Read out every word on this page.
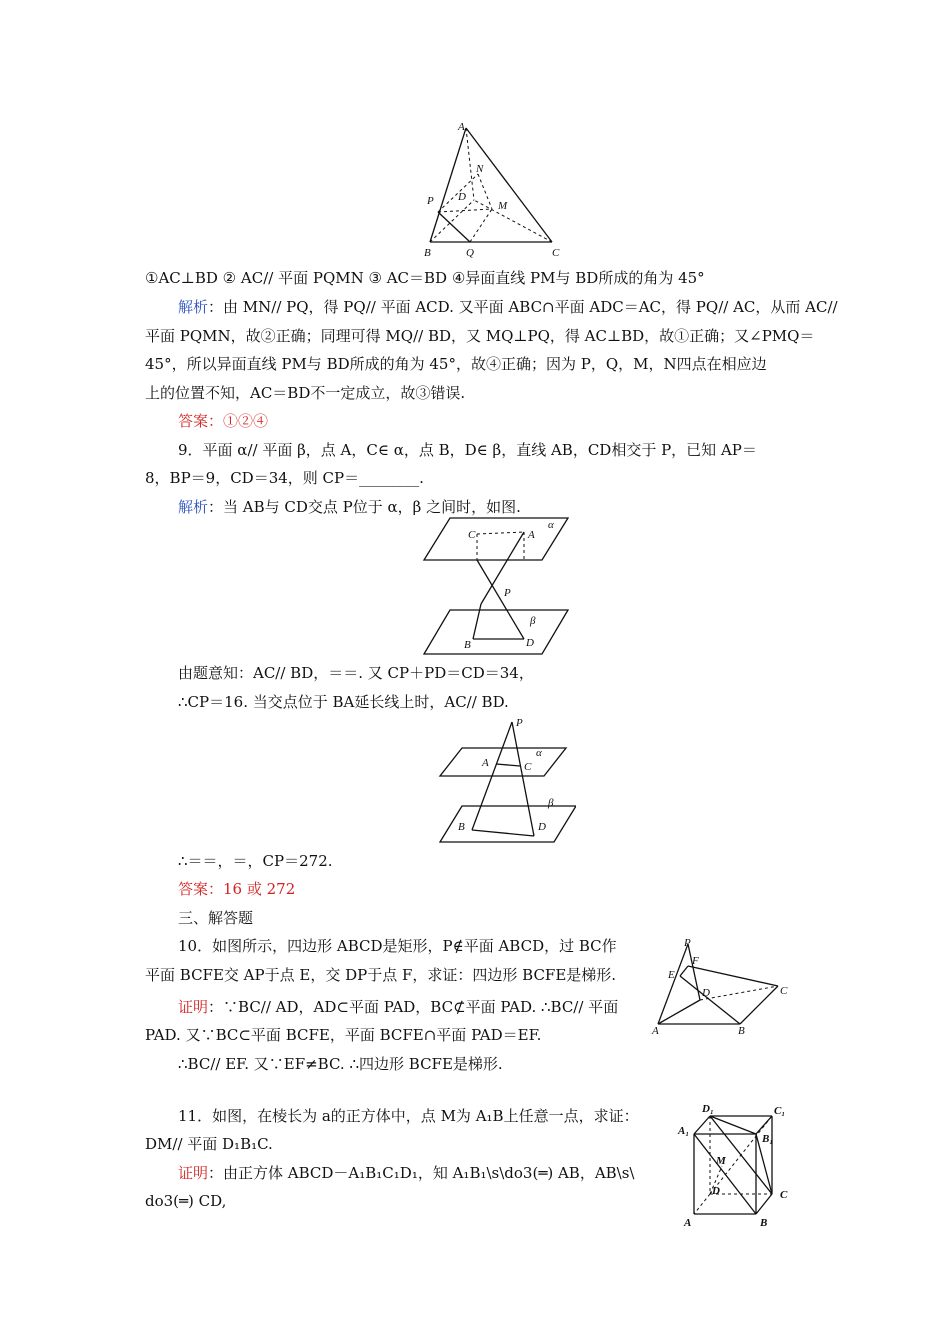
A
N
D
P	M
B	Q	C
①AC⊥BD ② AC// 平面 PQMN ③ AC＝BD ④异面直线 PM与 BD所成的角为 45°
解析：由 MN// PQ，得 PQ// 平面 ACD. 又平面 ABC∩平面 ADC＝AC，得 PQ// AC，从而 AC//
平面 PQMN，故②正确；同理可得 MQ// BD，又 MQ⊥PQ，得 AC⊥BD，故①正确；又∠PMQ＝
45°，所以异面直线 PM与 BD所成的角为 45°，故④正确；因为 P，Q，M，N四点在相应边
上的位置不知，AC＝BD不一定成立，故③错误.
答案：①②④
9．平面 α// 平面 β，点 A，C∈ α，点 B，D∈ β，直线 AB，CD相交于 P，已知 AP＝
8，BP＝9，CD＝34，则 CP＝________.
解析：当 AB与 CD交点 P位于 α，β 之间时，如图.
α
C	A
P
β
B	D
由题意知：AC// BD，＝＝. 又 CP＋PD＝CD＝34，
∴CP＝16. 当交点位于 BA延长线上时，AC// BD.
P
α
A	C
β
B	D
∴＝＝，＝，CP＝272.
答案：16 或 272
三、解答题
10．如图所示，四边形 ABCD是矩形，P∉平面 ABCD，过 BC作
平面 BCFE交 AP于点 E，交 DP于点 F，求证：四边形 BCFE是梯形.
证明：∵BC// AD，AD⊂平面 PAD，BC⊄平面 PAD. ∴BC// 平面
PAD. 又∵BC⊂平面 BCFE，平面 BCFE∩平面 PAD＝EF.
∴BC// EF. 又∵EF≠BC. ∴四边形 BCFE是梯形.
P
F
E
D	C
A	B
11．如图，在棱长为 a的正方体中，点 M为 A₁B上任意一点，求证：
DM// 平面 D₁B₁C.
证明：由正方体 ABCD－A₁B₁C₁D₁，知 A₁B₁\s\do3(═) AB，AB\s\
do3(═) CD,
D₁	C₁
A₁
B₁
M
D	C
A	B
